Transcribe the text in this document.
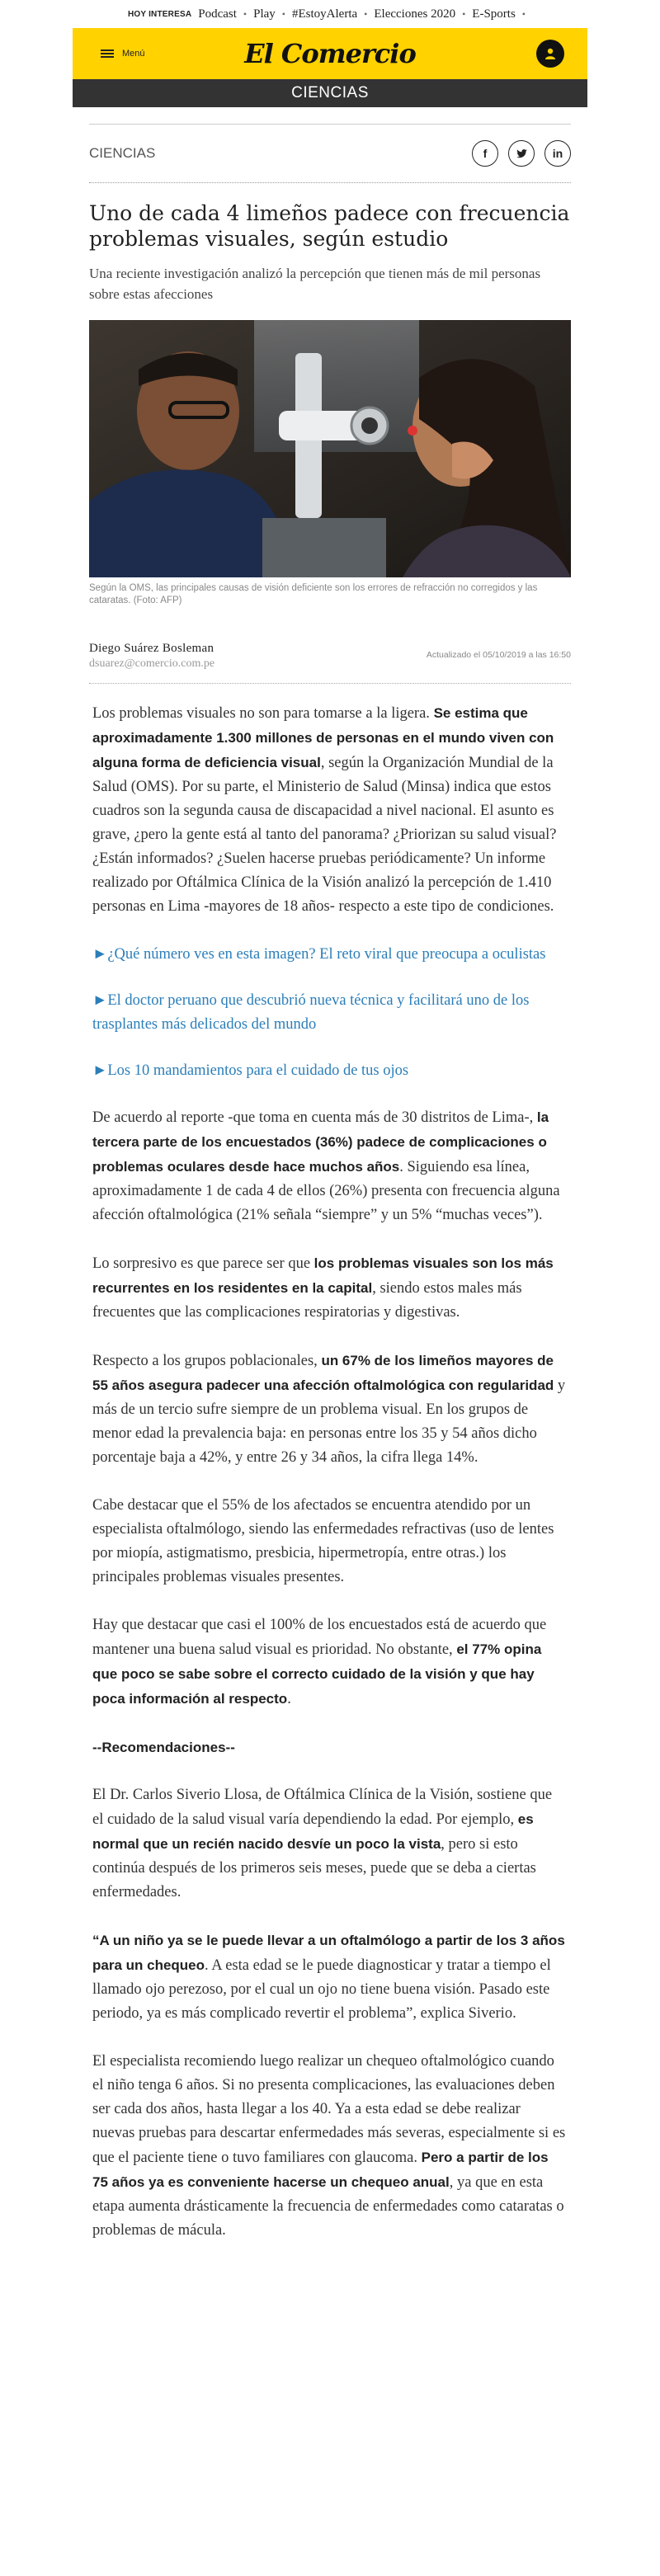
HOY INTERESA Podcast • Play • #EstoyAlerta • Elecciones 2020 • E-Sports •
Menú	El Comercio
CIENCIAS
CIENCIAS	f	in
Uno de cada 4 limeños padece con frecuencia problemas visuales, según estudio

Una reciente investigación analizó la percepción que tienen más de mil personas sobre estas afecciones

Según la OMS, las principales causas de visión deficiente son los errores de refracción no corregidos y las cataratas. (Foto: AFP)

Diego Suárez Bosleman
dsuarez@comercio.com.pe
Actualizado el 05/10/2019 a las 16:50

Los problemas visuales no son para tomarse a la ligera. Se estima que aproximadamente 1.300 millones de personas en el mundo viven con alguna forma de deficiencia visual, según la Organización Mundial de la Salud (OMS). Por su parte, el Ministerio de Salud (Minsa) indica que estos cuadros son la segunda causa de discapacidad a nivel nacional. El asunto es grave, ¿pero la gente está al tanto del panorama? ¿Priorizan su salud visual? ¿Están informados? ¿Suelen hacerse pruebas periódicamente? Un informe realizado por Oftálmica Clínica de la Visión analizó la percepción de 1.410 personas en Lima -mayores de 18 años- respecto a este tipo de condiciones.

►¿Qué número ves en esta imagen? El reto viral que preocupa a oculistas

►El doctor peruano que descubrió nueva técnica y facilitará uno de los trasplantes más delicados del mundo

►Los 10 mandamientos para el cuidado de tus ojos

De acuerdo al reporte -que toma en cuenta más de 30 distritos de Lima-, la tercera parte de los encuestados (36%) padece de complicaciones o problemas oculares desde hace muchos años. Siguiendo esa línea, aproximadamente 1 de cada 4 de ellos (26%) presenta con frecuencia alguna afección oftalmológica (21% señala “siempre” y un 5% “muchas veces”).

Lo sorpresivo es que parece ser que los problemas visuales son los más recurrentes en los residentes en la capital, siendo estos males más frecuentes que las complicaciones respiratorias y digestivas.

Respecto a los grupos poblacionales, un 67% de los limeños mayores de 55 años asegura padecer una afección oftalmológica con regularidad y más de un tercio sufre siempre de un problema visual. En los grupos de menor edad la prevalencia baja: en personas entre los 35 y 54 años dicho porcentaje baja a 42%, y entre 26 y 34 años, la cifra llega 14%.

Cabe destacar que el 55% de los afectados se encuentra atendido por un especialista oftalmólogo, siendo las enfermedades refractivas (uso de lentes por miopía, astigmatismo, presbicia, hipermetropía, entre otras.) los principales problemas visuales presentes.

Hay que destacar que casi el 100% de los encuestados está de acuerdo que mantener una buena salud visual es prioridad. No obstante, el 77% opina que poco se sabe sobre el correcto cuidado de la visión y que hay poca información al respecto.

--Recomendaciones--

El Dr. Carlos Siverio Llosa, de Oftálmica Clínica de la Visión, sostiene que el cuidado de la salud visual varía dependiendo la edad. Por ejemplo, es normal que un recién nacido desvíe un poco la vista, pero si esto continúa después de los primeros seis meses, puede que se deba a ciertas enfermedades.

“A un niño ya se le puede llevar a un oftalmólogo a partir de los 3 años para un chequeo. A esta edad se le puede diagnosticar y tratar a tiempo el llamado ojo perezoso, por el cual un ojo no tiene buena visión. Pasado este periodo, ya es más complicado revertir el problema”, explica Siverio.

El especialista recomiendo luego realizar un chequeo oftalmológico cuando el niño tenga 6 años. Si no presenta complicaciones, las evaluaciones deben ser cada dos años, hasta llegar a los 40. Ya a esta edad se debe realizar nuevas pruebas para descartar enfermedades más severas, especialmente si es que el paciente tiene o tuvo familiares con glaucoma. Pero a partir de los 75 años ya es conveniente hacerse un chequeo anual, ya que en esta etapa aumenta drásticamente la frecuencia de enfermedades como cataratas o problemas de mácula.
